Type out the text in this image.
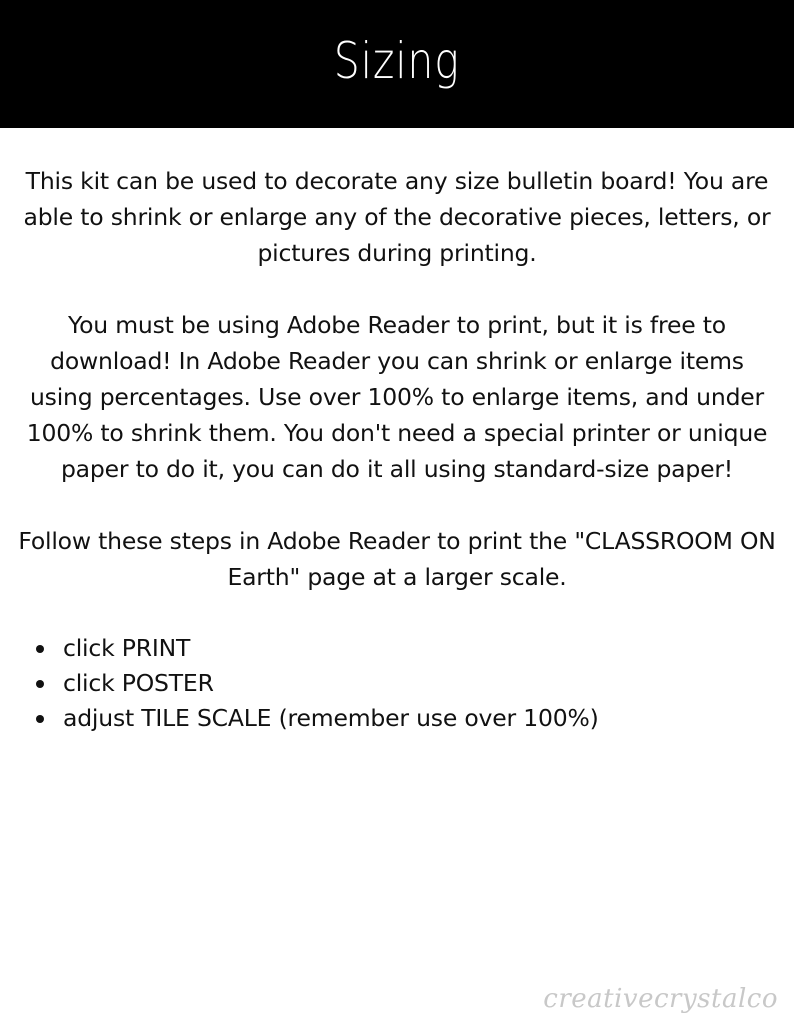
Sizing

This kit can be used to decorate any size bulletin board! You are able to shrink or enlarge any of the decorative pieces, letters, or pictures during printing.

You must be using Adobe Reader to print, but it is free to download! In Adobe Reader you can shrink or enlarge items using percentages. Use over 100% to enlarge items, and under 100% to shrink them. You don't need a special printer or unique paper to do it, you can do it all using standard-size paper!

Follow these steps in Adobe Reader to print the "CLASSROOM ON Earth" page at a larger scale.

click PRINT
click POSTER
adjust TILE SCALE (remember use over 100%)
creativecrystalco
